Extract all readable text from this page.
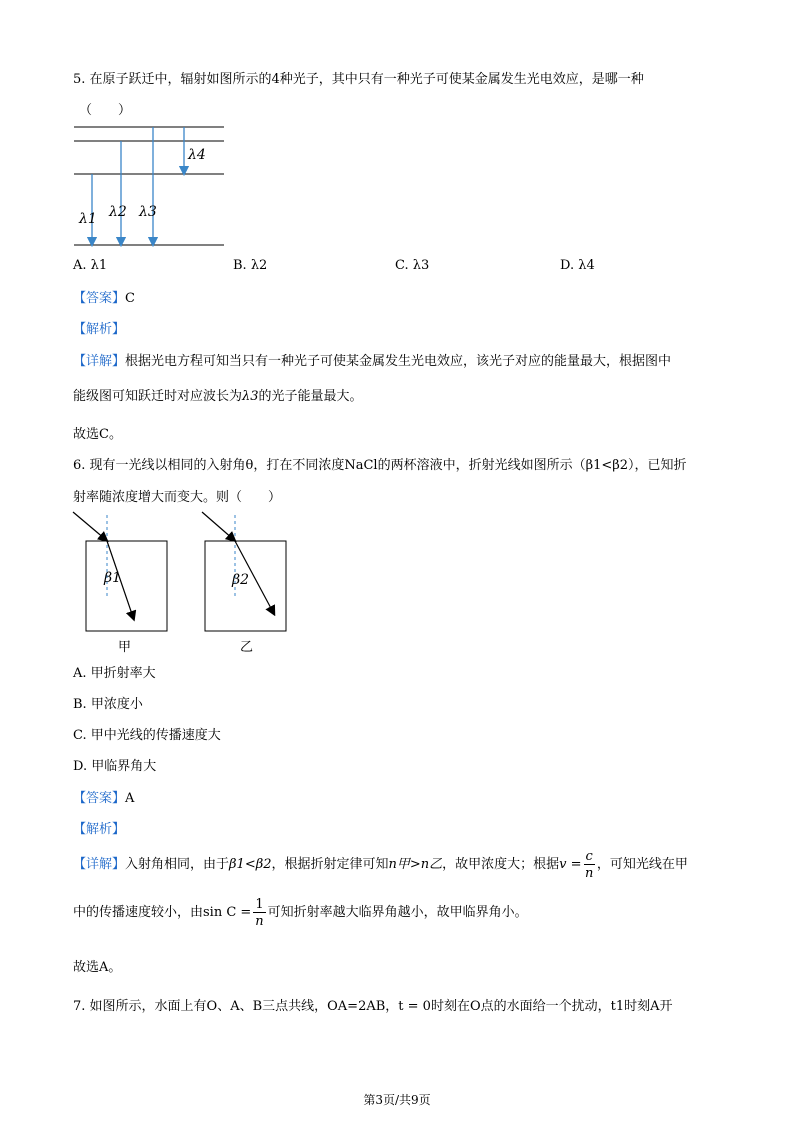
5. 在原子跃迁中，辐射如图所示的4种光子，其中只有一种光子可使某金属发生光电效应，是哪一种
（　　）
λ1 λ2 λ3
λ4
A. λ1	B. λ2	C. λ3	D. λ4
【答案】C
【解析】
【详解】根据光电方程可知当只有一种光子可使某金属发生光电效应，该光子对应的能量最大，根据图中
能级图可知跃迁时对应波长为λ3的光子能量最大。
故选C。
6. 现有一光线以相同的入射角θ，打在不同浓度NaCl的两杯溶液中，折射光线如图所示（β1<β2），已知折
射率随浓度增大而变大。则（　　）
β1	β2
甲	乙
A. 甲折射率大
B. 甲浓度小
C. 甲中光线的传播速度大
D. 甲临界角大
【答案】A
【解析】
【详解】入射角相同，由于β1<β2，根据折射定律可知n甲>n乙，故甲浓度大；根据$v = \frac{c}{n}$ ，可知光线在甲
中的传播速度较小，由$\sin C = \frac{1}{n}$ 可知折射率越大临界角越小，故甲临界角小。
故选A。
7. 如图所示，水面上有O、A、B三点共线，OA=2AB，t = 0时刻在O点的水面给一个扰动，t1时刻A开
第3页/共9页
